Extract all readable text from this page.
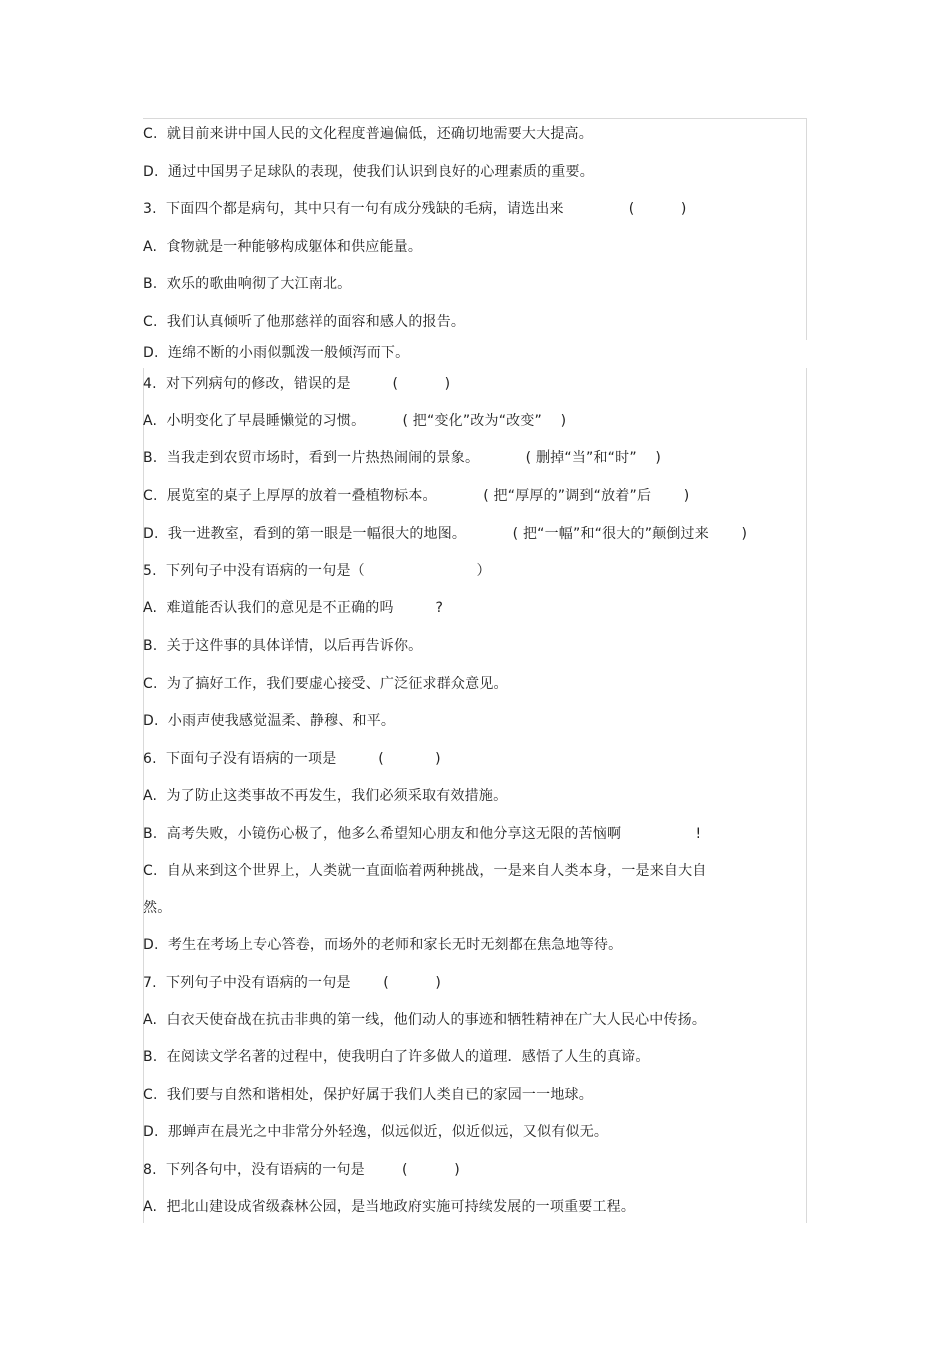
C.  就目前来讲中国人民的文化程度普遍偏低，还确切地需要大大提高。
D.  通过中国男子足球队的表现，使我们认识到良好的心理素质的重要。
3.  下面四个都是病句，其中只有一句有成分残缺的毛病，请选出来              (          )
A.  食物就是一种能够构成躯体和供应能量。
B.  欢乐的歌曲响彻了大江南北。
C.  我们认真倾听了他那慈祥的面容和感人的报告。
D.  连绵不断的小雨似瓢泼一般倾泻而下。
4.  对下列病句的修改，错误的是         (          )
A.  小明变化了早晨睡懒觉的习惯。        ( 把“变化”改为“改变”    )
B.  当我走到农贸市场时，看到一片热热闹闹的景象。          ( 删掉“当”和“时”    )
C.  展览室的桌子上厚厚的放着一叠植物标本。          ( 把“厚厚的”调到“放着”后       )
D.  我一进教室，看到的第一眼是一幅很大的地图。          ( 把“一幅”和“很大的”颠倒过来       )
5.  下列句子中没有语病的一句是（                        ）
A.  难道能否认我们的意见是不正确的吗         ?
B.  关于这件事的具体详情，以后再告诉你。
C.  为了搞好工作，我们要虚心接受、广泛征求群众意见。
D.  小雨声使我感觉温柔、静穆、和平。
6.  下面句子没有语病的一项是         (           )
A.  为了防止这类事故不再发生，我们必须采取有效措施。
B.  高考失败，小镜伤心极了，他多么希望知心朋友和他分享这无限的苦恼啊                !
C.  自从来到这个世界上，人类就一直面临着两种挑战，一是来自人类本身，一是来自大自
然。
D.  考生在考场上专心答卷，而场外的老师和家长无时无刻都在焦急地等待。
7.  下列句子中没有语病的一句是       (          )
A.  白衣天使奋战在抗击非典的第一线，他们动人的事迹和牺牲精神在广大人民心中传扬。
B.  在阅读文学名著的过程中，使我明白了许多做人的道理．感悟了人生的真谛。
C.  我们要与自然和谐相处，保护好属于我们人类自已的家园一一地球。
D.  那蝉声在晨光之中非常分外轻逸，似远似近，似近似远，又似有似无。
8.  下列各句中，没有语病的一句是        (          )
A.  把北山建设成省级森林公园，是当地政府实施可持续发展的一项重要工程。
